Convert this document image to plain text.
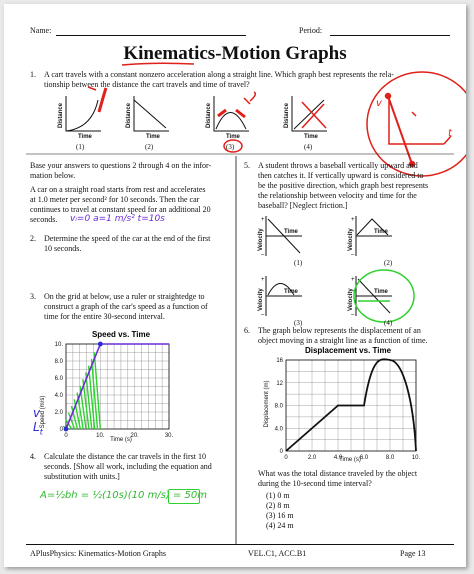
Name:	Period:
Kinematics-Motion Graphs
1. A cart travels with a constant nonzero acceleration along a straight line. Which graph best represents the rela-
tionship between the distance the cart travels and time of travel?
Time
Distance
Time
Distance
Time
Distance
Time
Distance	v
t
(1)	(2)	(3)	(4)
Base your answers to questions 2 through 4 on the infor-
mation below.
A car on a straight road starts from rest and accelerates
at 1.0 meter per second² for 10 seconds. Then the car
continues to travel at constant speed for an additional 20
seconds. vᵢ=0 a=1 m/s² t=10s
2. Determine the speed of the car at the end of the first
10 seconds.
3. On the grid at below, use a ruler or straightedge to
construct a graph of the car's speed as a function of
time for the entire 30-second interval.
Speed vs. Time
Speed (m/s)
Time (s)
10.
8.0
6.0
4.0
2.0
0
0	10.	20.	30.
v
$L_t$
4. Calculate the distance the car travels in the first 10
seconds. [Show all work, including the equation and
substitution with units.]
A=½bh = ½(10s)(10 m/s) = 50m
5. A student throws a baseball vertically upward and
then catches it. If vertically upward is considered to
be the positive direction, which graph best represents
the relationship between velocity and time for the
baseball? [Neglect friction.]
+
–
Time
Velocity
+
–
Time
Velocity
+
–
Time
Velocity
+
–
Time
Velocity
(1)	(2)
(3)	(4)
6. The graph below represents the displacement of an
object moving in a straight line as a function of time.
Displacement vs. Time
Displacement (m)
Time (s)
16
12
8.0
4.0
0
0	2.0	4.0	6.0	8.0	10.
What was the total distance traveled by the object
during the 10-second time interval?
(1) 0 m
(2) 8 m
(3) 16 m
(4) 24 m
APlusPhysics: Kinematics-Motion Graphs	VEL.C1, ACC.B1	Page 13
